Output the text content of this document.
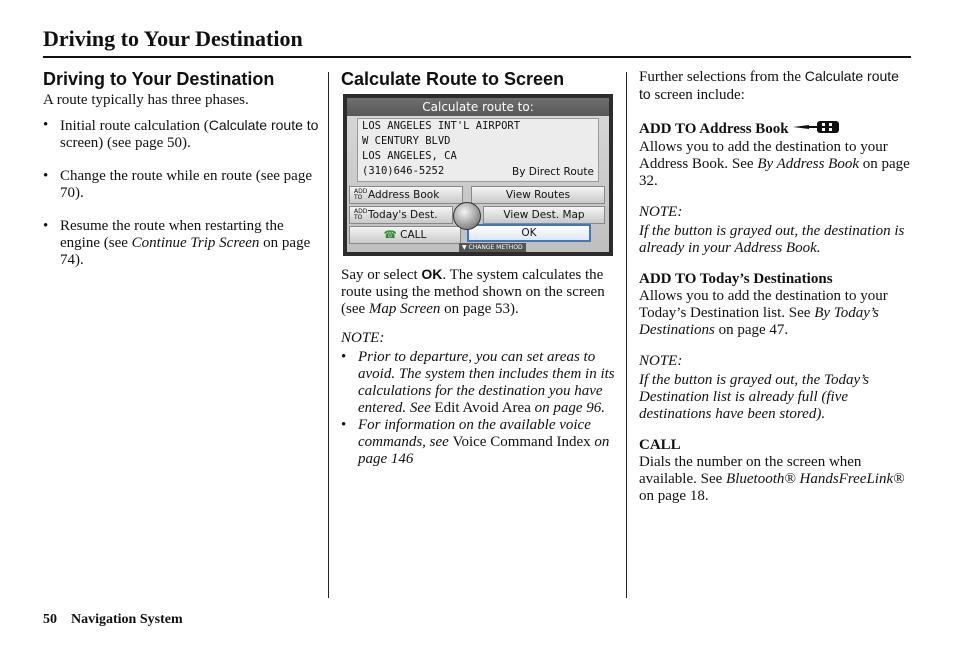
Driving to Your Destination
Driving to Your Destination

A route typically has three phases.

• Initial route calculation (Calculate route to screen) (see page 50).
• Change the route while en route (see page 70).
• Resume the route when restarting the engine (see Continue Trip Screen on page 74).
Calculate Route to Screen
Calculate route to:
LOS ANGELES INT'L AIRPORT
W CENTURY BLVD
LOS ANGELES, CA
(310)646-5252	By Direct Route
ADD TO Address Book
ADD TO Today's Dest.
☎ CALL
View Routes
View Dest. Map
OK
▼ CHANGE METHOD

Say or select OK. The system calculates the route using the method shown on the screen (see Map Screen on page 53).

NOTE:
• Prior to departure, you can set areas to avoid. The system then includes them in its calculations for the destination you have entered. See Edit Avoid Area on page 96.
• For information on the available voice commands, see Voice Command Index on page 146

Further selections from the Calculate route to screen include:

ADD TO Address Book

Allows you to add the destination to your Address Book. See By Address Book on page 32.

NOTE:
If the button is grayed out, the destination is already in your Address Book.
ADD TO Today’s Destinations

Allows you to add the destination to your Today’s Destination list. See By Today’s Destinations on page 47.

NOTE:
If the button is grayed out, the Today’s Destination list is already full (five destinations have been stored).
CALL

Dials the number on the screen when available. See Bluetooth® HandsFreeLink® on page 18.

50 Navigation System
